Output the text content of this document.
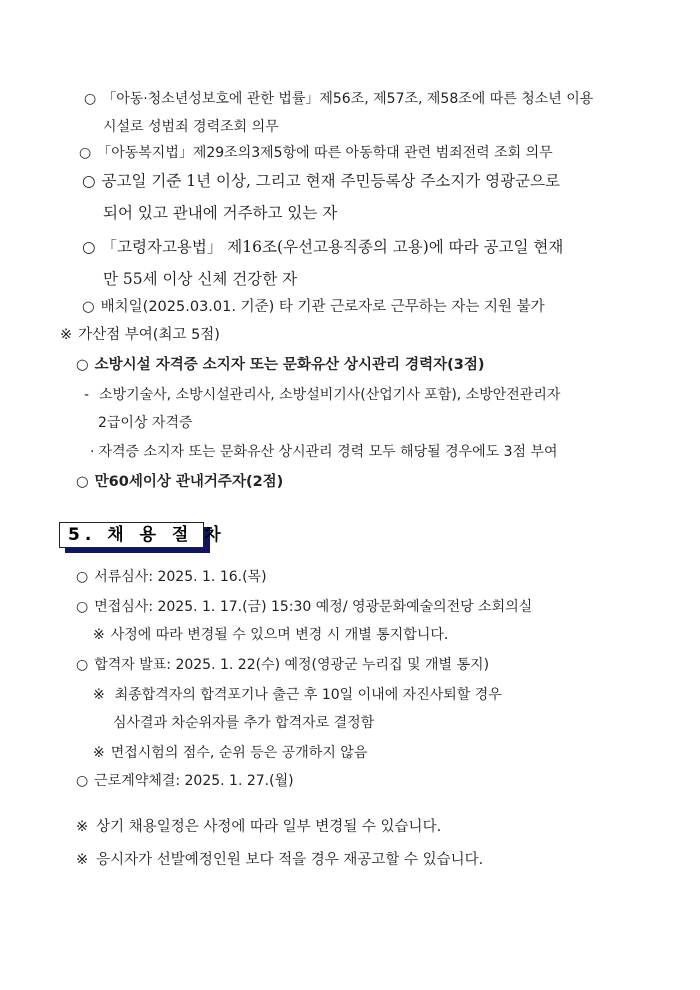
○ 「아동·청소년성보호에 관한 법률」제56조, 제57조, 제58조에 따른 청소년 이용
시설로 성범죄 경력조회 의무
○ 「아동복지법」제29조의3제5항에 따른 아동학대 관련 범죄전력 조회 의무
○ 공고일 기준 1년 이상, 그리고 현재 주민등록상 주소지가 영광군으로
되어 있고 관내에 거주하고 있는 자
○ 「고령자고용법」 제16조(우선고용직종의 고용)에 따라 공고일 현재
만 55세 이상 신체 건강한 자
○ 배치일(2025.03.01. 기준) 타 기관 근로자로 근무하는 자는 지원 불가
※ 가산점 부여(최고 5점)
○ 소방시설 자격증 소지자 또는 문화유산 상시관리 경력자(3점)
- 소방기술사, 소방시설관리사, 소방설비기사(산업기사 포함), 소방안전관리자
2급이상 자격증
· 자격증 소지자 또는 문화유산 상시관리 경력 모두 해당될 경우에도 3점 부여
○ 만60세이상 관내거주자(2점)
5. 채 용 절 차
○ 서류심사: 2025. 1. 16.(목)
○ 면접심사: 2025. 1. 17.(금) 15:30 예정/ 영광문화예술의전당 소회의실
※ 사정에 따라 변경될 수 있으며 변경 시 개별 통지합니다.
○ 합격자 발표: 2025. 1. 22(수) 예정(영광군 누리집 및 개별 통지)
※ 최종합격자의 합격포기나 출근 후 10일 이내에 자진사퇴할 경우
심사결과 차순위자를 추가 합격자로 결정함
※ 면접시험의 점수, 순위 등은 공개하지 않음
○ 근로계약체결: 2025. 1. 27.(월)
※ 상기 채용일정은 사정에 따라 일부 변경될 수 있습니다.
※ 응시자가 선발예정인원 보다 적을 경우 재공고할 수 있습니다.
